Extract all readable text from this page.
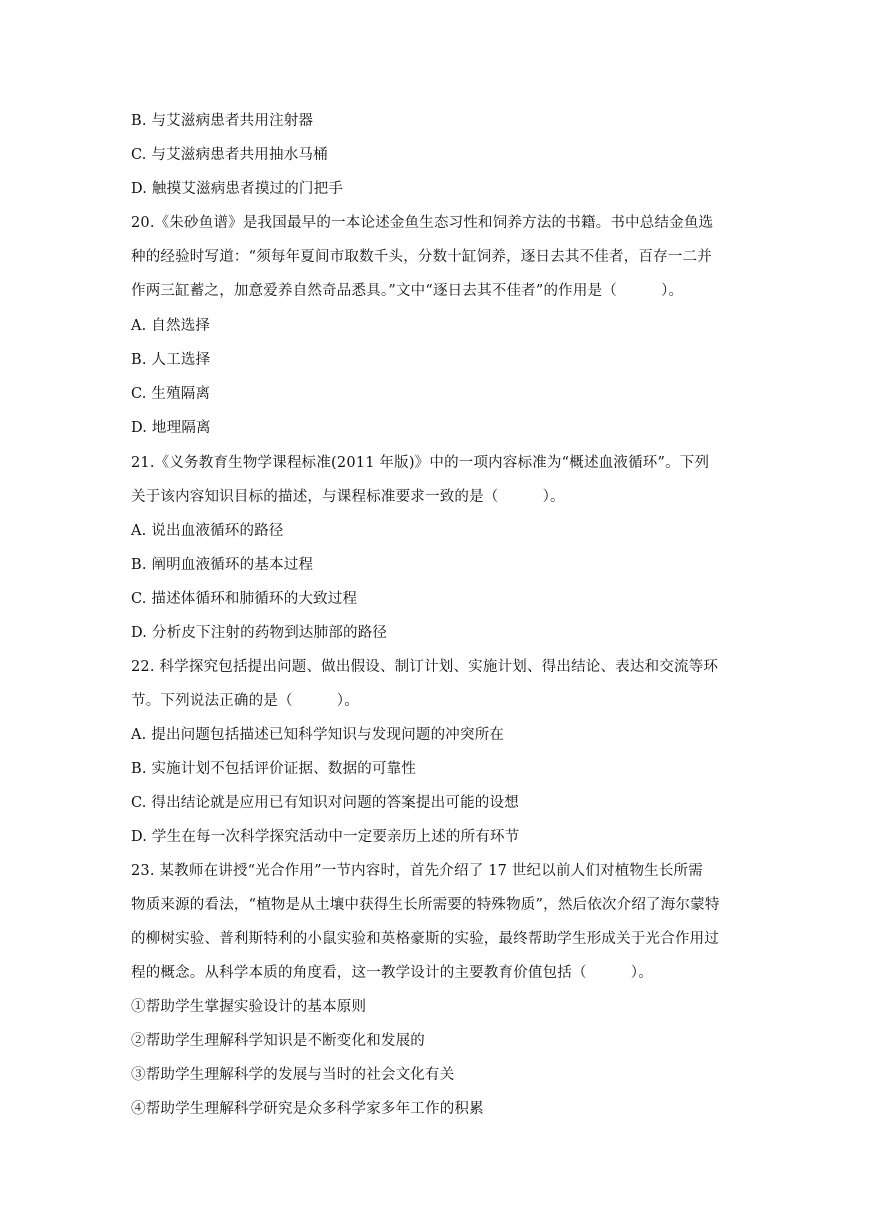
B. 与艾滋病患者共用注射器
C. 与艾滋病患者共用抽水马桶
D. 触摸艾滋病患者摸过的门把手
20.《朱砂鱼谱》是我国最早的一本论述金鱼生态习性和饲养方法的书籍。书中总结金鱼选
种的经验时写道：“须每年夏间市取数千头，分数十缸饲养，逐日去其不佳者，百存一二并
作两三缸蓄之，加意爱养自然奇品悉具。”文中“逐日去其不佳者”的作用是（　　　）。
A. 自然选择
B. 人工选择
C. 生殖隔离
D. 地理隔离
21.《义务教育生物学课程标准(2011 年版)》中的一项内容标准为“概述血液循环”。下列
关于该内容知识目标的描述，与课程标准要求一致的是（　　　）。
A. 说出血液循环的路径
B. 阐明血液循环的基本过程
C. 描述体循环和肺循环的大致过程
D. 分析皮下注射的药物到达肺部的路径
22. 科学探究包括提出问题、做出假设、制订计划、实施计划、得出结论、表达和交流等环
节。下列说法正确的是（　　　）。
A. 提出问题包括描述已知科学知识与发现问题的冲突所在
B. 实施计划不包括评价证据、数据的可靠性
C. 得出结论就是应用已有知识对问题的答案提出可能的设想
D. 学生在每一次科学探究活动中一定要亲历上述的所有环节
23. 某教师在讲授“光合作用”一节内容时，首先介绍了 17 世纪以前人们对植物生长所需
物质来源的看法，“植物是从土壤中获得生长所需要的特殊物质”，然后依次介绍了海尔蒙特
的柳树实验、普利斯特利的小鼠实验和英格豪斯的实验，最终帮助学生形成关于光合作用过
程的概念。从科学本质的角度看，这一教学设计的主要教育价值包括（　　　）。
①帮助学生掌握实验设计的基本原则
②帮助学生理解科学知识是不断变化和发展的
③帮助学生理解科学的发展与当时的社会文化有关
④帮助学生理解科学研究是众多科学家多年工作的积累
